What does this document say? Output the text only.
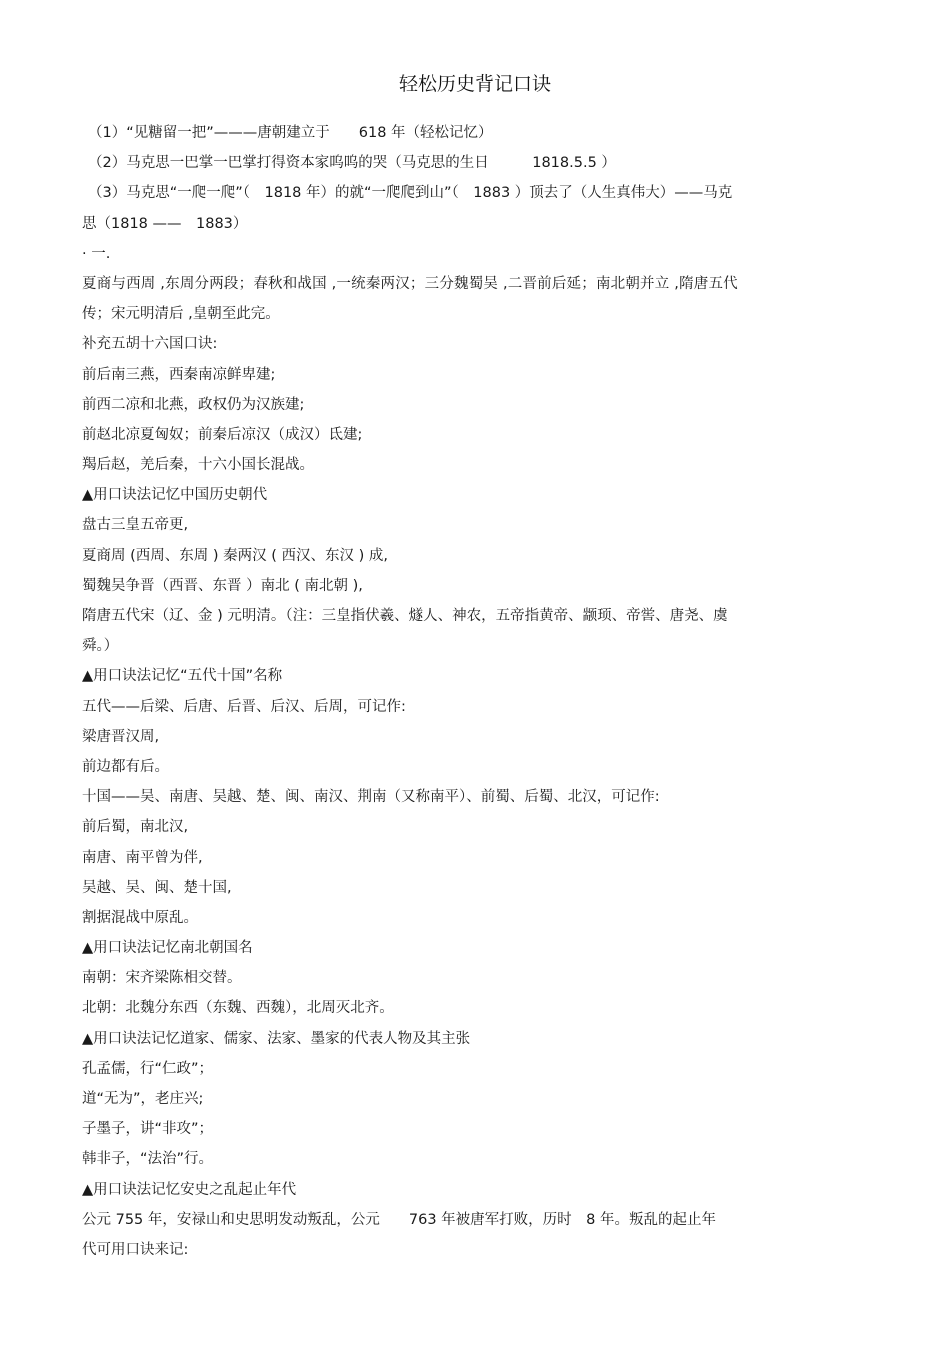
轻松历史背记口诀
（1）“见糖留一把”———唐朝建立于　　618 年（轻松记忆）
（2）马克思一巴掌一巴掌打得资本家呜呜的哭（马克思的生日　　　1818.5.5 ）
（3）马克思“一爬一爬”（　1818 年）的就“一爬爬到山”（　1883 ）顶去了（人生真伟大）——马克
思（1818 ——　1883）
· 一.
夏商与西周 ,东周分两段；春秋和战国 ,一统秦两汉；三分魏蜀吴 ,二晋前后延；南北朝并立 ,隋唐五代
传；宋元明清后 ,皇朝至此完。
补充五胡十六国口诀:
前后南三燕，西秦南凉鲜卑建;
前西二凉和北燕，政权仍为汉族建;
前赵北凉夏匈奴；前秦后凉汉（成汉）氐建;
羯后赵，羌后秦，十六小国长混战。
▲用口诀法记忆中国历史朝代
盘古三皇五帝更,
夏商周 (西周、东周 ) 秦两汉 ( 西汉、东汉 ) 成,
蜀魏吴争晋（西晋、东晋 ）南北 ( 南北朝 ),
隋唐五代宋（辽、金 ) 元明清。（注：三皇指伏羲、燧人、神农，五帝指黄帝、颛顼、帝喾、唐尧、虞
舜。）
▲用口诀法记忆“五代十国”名称
五代——后梁、后唐、后晋、后汉、后周，可记作:
梁唐晋汉周,
前边都有后。
十国——吴、南唐、吴越、楚、闽、南汉、荆南（又称南平）、前蜀、后蜀、北汉，可记作:
前后蜀，南北汉,
南唐、南平曾为伴,
吴越、吴、闽、楚十国,
割据混战中原乱。
▲用口诀法记忆南北朝国名
南朝：宋齐梁陈相交替。
北朝：北魏分东西（东魏、西魏），北周灭北齐。
▲用口诀法记忆道家、儒家、法家、墨家的代表人物及其主张
孔孟儒，行“仁政”；
道“无为”，老庄兴;
子墨子，讲“非攻”；
韩非子，“法治”行。
▲用口诀法记忆安史之乱起止年代
公元 755 年，安禄山和史思明发动叛乱，公元　　763 年被唐军打败，历时　8 年。叛乱的起止年
代可用口诀来记:
